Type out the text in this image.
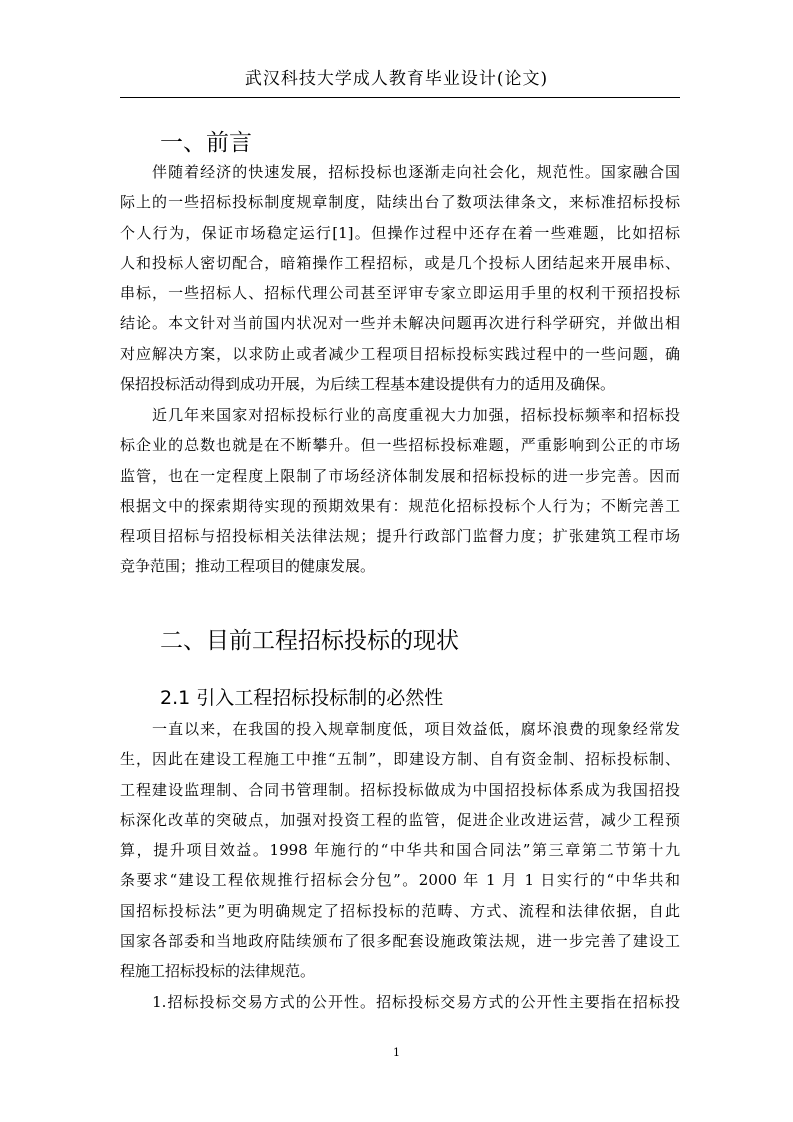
武汉科技大学成人教育毕业设计(论文)
一、前言
　　伴随着经济的快速发展，招标投标也逐渐走向社会化，规范性。国家融合国
际上的一些招标投标制度规章制度，陆续出台了数项法律条文，来标准招标投标
个人行为，保证市场稳定运行[1]。但操作过程中还存在着一些难题，比如招标
人和投标人密切配合，暗箱操作工程招标，或是几个投标人团结起来开展串标、
串标，一些招标人、招标代理公司甚至评审专家立即运用手里的权利干预招投标
结论。本文针对当前国内状况对一些并未解决问题再次进行科学研究，并做出相
对应解决方案，以求防止或者减少工程项目招标投标实践过程中的一些问题，确
保招投标活动得到成功开展，为后续工程基本建设提供有力的适用及确保。
　　近几年来国家对招标投标行业的高度重视大力加强，招标投标频率和招标投
标企业的总数也就是在不断攀升。但一些招标投标难题，严重影响到公正的市场
监管，也在一定程度上限制了市场经济体制发展和招标投标的进一步完善。因而
根据文中的探索期待实现的预期效果有：规范化招标投标个人行为；不断完善工
程项目招标与招投标相关法律法规；提升行政部门监督力度；扩张建筑工程市场
竞争范围；推动工程项目的健康发展。
二、目前工程招标投标的现状
2.1 引入工程招标投标制的必然性
　　一直以来，在我国的投入规章制度低，项目效益低，腐坏浪费的现象经常发
生，因此在建设工程施工中推“五制”，即建设方制、自有资金制、招标投标制、
工程建设监理制、合同书管理制。招标投标做成为中国招投标体系成为我国招投
标深化改革的突破点，加强对投资工程的监管，促进企业改进运营，减少工程预
算，提升项目效益。1998 年施行的“中华共和国合同法”第三章第二节第十九
条要求“建设工程依规推行招标会分包”。2000 年 1 月 1 日实行的“中华共和
国招标投标法”更为明确规定了招标投标的范畴、方式、流程和法律依据，自此
国家各部委和当地政府陆续颁布了很多配套设施政策法规，进一步完善了建设工
程施工招标投标的法律规范。
　　1.招标投标交易方式的公开性。招标投标交易方式的公开性主要指在招标投
1
